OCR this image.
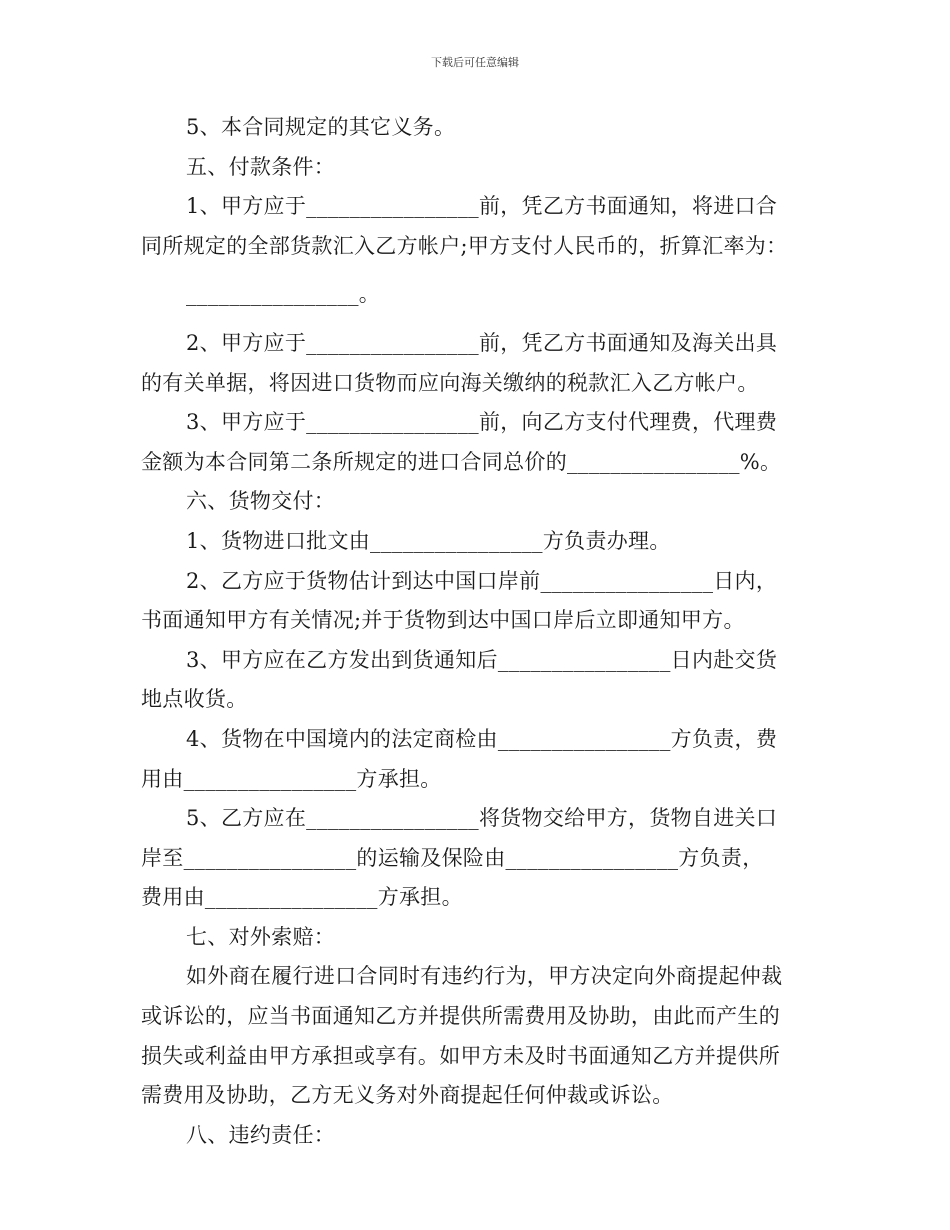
下载后可任意编辑
5、本合同规定的其它义务。
五、付款条件：
1、甲方应于________________前，凭乙方书面通知，将进口合
同所规定的全部货款汇入乙方帐户;甲方支付人民币的，折算汇率为：
________________。
2、甲方应于________________前，凭乙方书面通知及海关出具
的有关单据，将因进口货物而应向海关缴纳的税款汇入乙方帐户。
3、甲方应于________________前，向乙方支付代理费，代理费
金额为本合同第二条所规定的进口合同总价的________________%。
六、货物交付：
1、货物进口批文由________________方负责办理。
2、乙方应于货物估计到达中国口岸前________________日内，
书面通知甲方有关情况;并于货物到达中国口岸后立即通知甲方。
3、甲方应在乙方发出到货通知后________________日内赴交货
地点收货。
4、货物在中国境内的法定商检由________________方负责，费
用由________________方承担。
5、乙方应在________________将货物交给甲方，货物自进关口
岸至________________的运输及保险由________________方负责，
费用由________________方承担。
七、对外索赔：
如外商在履行进口合同时有违约行为，甲方决定向外商提起仲裁
或诉讼的，应当书面通知乙方并提供所需费用及协助，由此而产生的
损失或利益由甲方承担或享有。如甲方未及时书面通知乙方并提供所
需费用及协助，乙方无义务对外商提起任何仲裁或诉讼。
八、违约责任：
